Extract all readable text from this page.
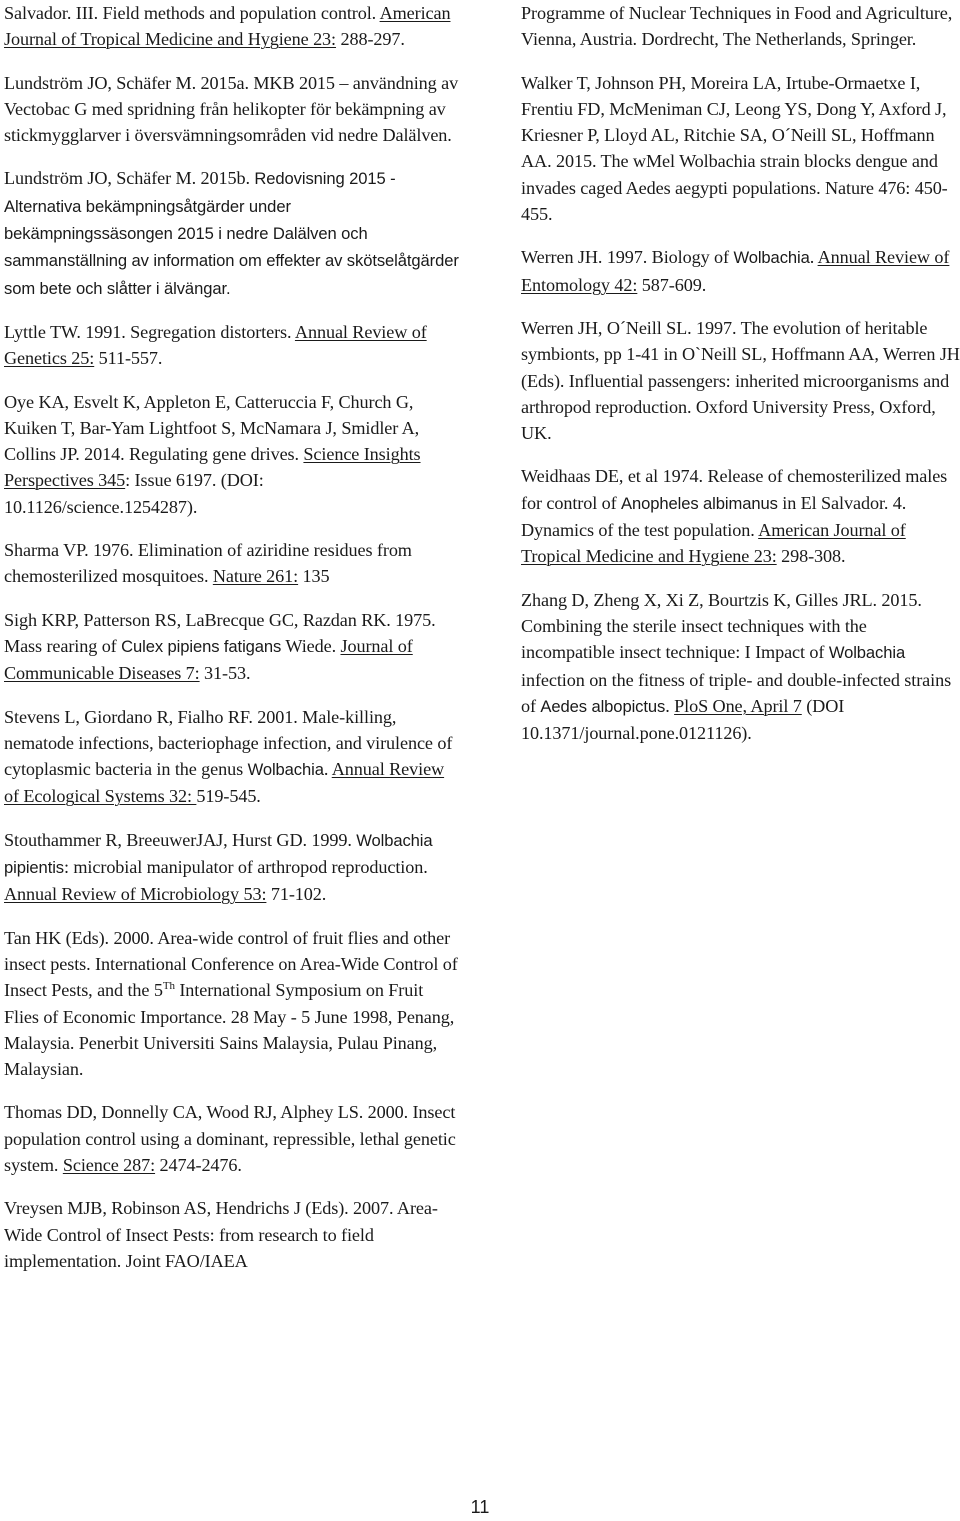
Salvador. III. Field methods and population control. American Journal of Tropical Medicine and Hygiene 23: 288-297.

Lundström JO, Schäfer M. 2015a. MKB 2015 – användning av Vectobac G med spridning från helikopter för bekämpning av stickmygglarver i översvämningsområden vid nedre Dalälven.

Lundström JO, Schäfer M. 2015b. Redovisning 2015 - Alternativa bekämpningsåtgärder under bekämpningssäsongen 2015 i nedre Dalälven och sammanställning av information om effekter av skötselåtgärder som bete och slåtter i älvängar.

Lyttle TW. 1991. Segregation distorters. Annual Review of Genetics 25: 511-557.

Oye KA, Esvelt K, Appleton E, Catteruccia F, Church G, Kuiken T, Bar-Yam Lightfoot S, McNamara J, Smidler A, Collins JP. 2014. Regulating gene drives. Science Insights Perspectives 345: Issue 6197. (DOI: 10.1126/science.1254287).

Sharma VP. 1976. Elimination of aziridine residues from chemosterilized mosquitoes. Nature 261: 135

Sigh KRP, Patterson RS, LaBrecque GC, Razdan RK. 1975. Mass rearing of Culex pipiens fatigans Wiede. Journal of Communicable Diseases 7: 31-53.

Stevens L, Giordano R, Fialho RF. 2001. Male-killing, nematode infections, bacteriophage infection, and virulence of cytoplasmic bacteria in the genus Wolbachia. Annual Review of Ecological Systems 32: 519-545.

Stouthammer R, BreeuwerJAJ, Hurst GD. 1999. Wolbachia pipientis: microbial manipulator of arthropod reproduction. Annual Review of Microbiology 53: 71-102.

Tan HK (Eds). 2000. Area-wide control of fruit flies and other insect pests. International Conference on Area-Wide Control of Insect Pests, and the 5Th International Symposium on Fruit Flies of Economic Importance. 28 May - 5 June 1998, Penang, Malaysia. Penerbit Universiti Sains Malaysia, Pulau Pinang, Malaysian.

Thomas DD, Donnelly CA, Wood RJ, Alphey LS. 2000. Insect population control using a dominant, repressible, lethal genetic system. Science 287: 2474-2476.

Vreysen MJB, Robinson AS, Hendrichs J (Eds). 2007. Area-Wide Control of Insect Pests: from research to field implementation. Joint FAO/IAEA

Programme of Nuclear Techniques in Food and Agriculture, Vienna, Austria. Dordrecht, The Netherlands, Springer.

Walker T, Johnson PH, Moreira LA, Irtube-Ormaetxe I, Frentiu FD, McMeniman CJ, Leong YS, Dong Y, Axford J, Kriesner P, Lloyd AL, Ritchie SA, O´Neill SL, Hoffmann AA. 2015. The wMel Wolbachia strain blocks dengue and invades caged Aedes aegypti populations. Nature 476: 450-455.

Werren JH. 1997. Biology of Wolbachia. Annual Review of Entomology 42: 587-609.

Werren JH, O´Neill SL. 1997. The evolution of heritable symbionts, pp 1-41 in O`Neill SL, Hoffmann AA, Werren JH (Eds). Influential passengers: inherited microorganisms and arthropod reproduction. Oxford University Press, Oxford, UK.

Weidhaas DE, et al 1974. Release of chemosterilized males for control of Anopheles albimanus in El Salvador. 4. Dynamics of the test population. American Journal of Tropical Medicine and Hygiene 23: 298-308.

Zhang D, Zheng X, Xi Z, Bourtzis K, Gilles JRL. 2015. Combining the sterile insect techniques with the incompatible insect technique: I Impact of Wolbachia infection on the fitness of triple- and double-infected strains of Aedes albopictus. PloS One, April 7 (DOI 10.1371/journal.pone.0121126).

11
